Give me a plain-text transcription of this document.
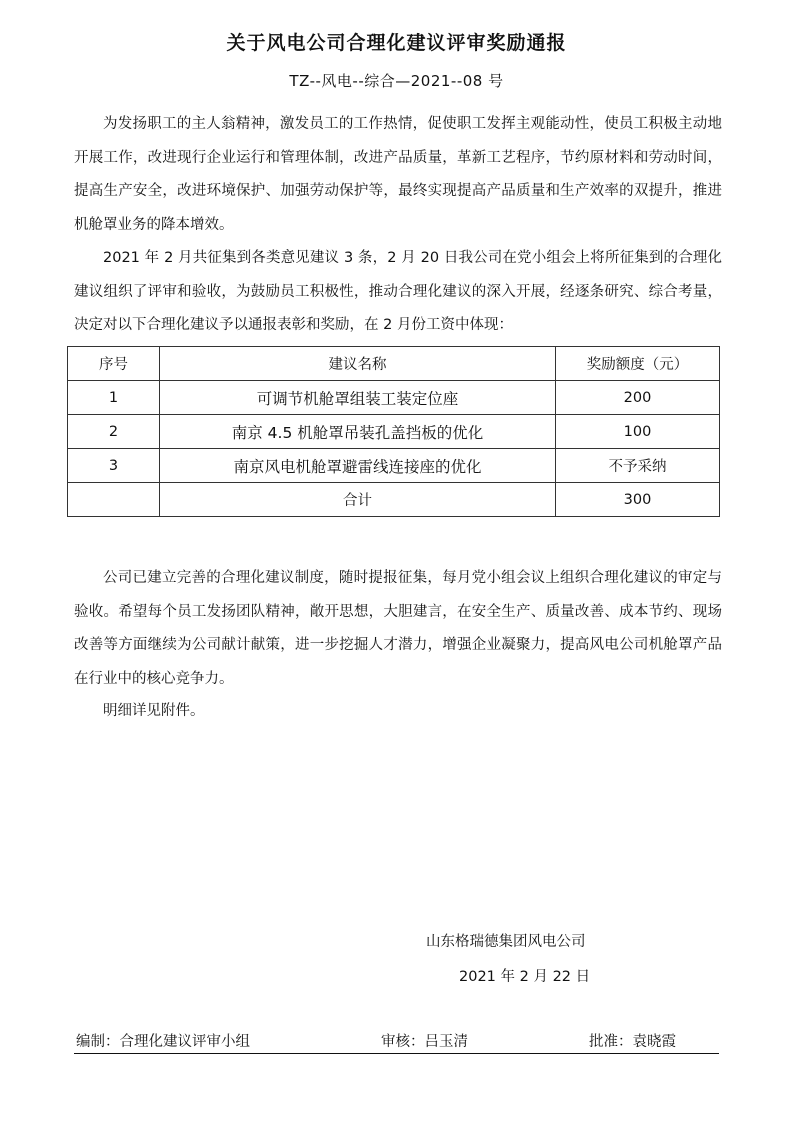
关于风电公司合理化建议评审奖励通报
TZ--风电--综合—2021--08 号

为发扬职工的主人翁精神，激发员工的工作热情，促使职工发挥主观能动性，使员工积极主动地开展工作，改进现行企业运行和管理体制，改进产品质量，革新工艺程序，节约原材料和劳动时间，提高生产安全，改进环境保护、加强劳动保护等，最终实现提高产品质量和生产效率的双提升，推进机舱罩业务的降本增效。

2021 年 2 月共征集到各类意见建议 3 条，2 月 20 日我公司在党小组会上将所征集到的合理化建议组织了评审和验收，为鼓励员工积极性，推动合理化建议的深入开展，经逐条研究、综合考量，决定对以下合理化建议予以通报表彰和奖励，在 2 月份工资中体现：

序号	建议名称	奖励额度（元）
1	可调节机舱罩组装工装定位座	200
2	南京 4.5 机舱罩吊装孔盖挡板的优化	100
3	南京风电机舱罩避雷线连接座的优化	不予采纳
	合计	300

公司已建立完善的合理化建议制度，随时提报征集，每月党小组会议上组织合理化建议的审定与验收。希望每个员工发扬团队精神，敞开思想，大胆建言，在安全生产、质量改善、成本节约、现场改善等方面继续为公司献计献策，进一步挖掘人才潜力，增强企业凝聚力，提高风电公司机舱罩产品在行业中的核心竞争力。

明细详见附件。

山东格瑞德集团风电公司
2021 年 2 月 22 日
编制：合理化建议评审小组	审核：吕玉清	批准：袁晓霞
